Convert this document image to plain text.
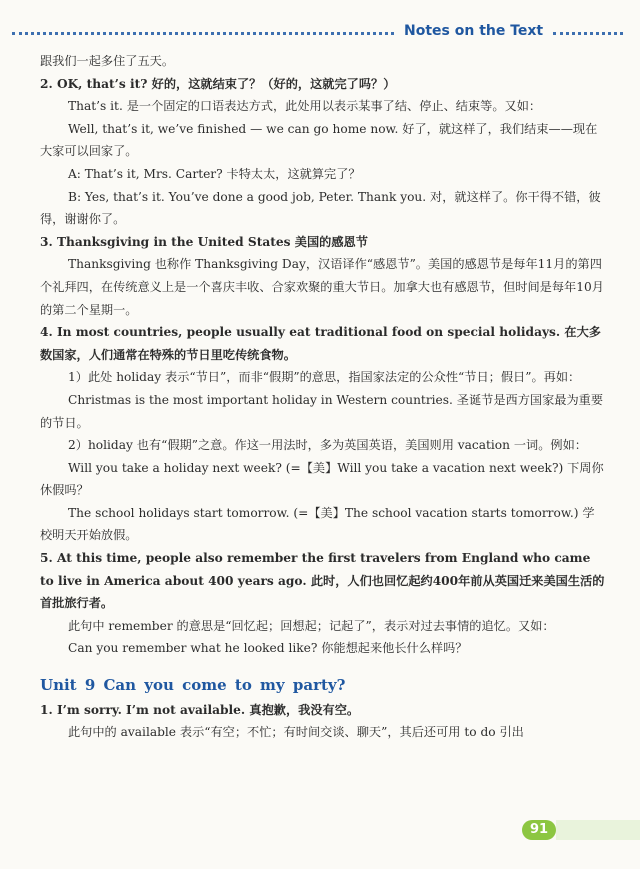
Notes on the Text

跟我们一起多住了五天。

2. OK, that’s it? 好的，这就结束了？（好的，这就完了吗？）

That’s it. 是一个固定的口语表达方式，此处用以表示某事了结、停止、结束等。又如：

Well, that’s it, we’ve finished — we can go home now. 好了，就这样了，我们结束——现在大家可以回家了。

A: That’s it, Mrs. Carter? 卡特太太，这就算完了？

B: Yes, that’s it. You’ve done a good job, Peter. Thank you. 对，就这样了。你干得不错，彼得，谢谢你了。

3. Thanksgiving in the United States 美国的感恩节

Thanksgiving 也称作 Thanksgiving Day，汉语译作“感恩节”。美国的感恩节是每年11月的第四个礼拜四，在传统意义上是一个喜庆丰收、合家欢聚的重大节日。加拿大也有感恩节，但时间是每年10月的第二个星期一。

4. In most countries, people usually eat traditional food on special holidays. 在大多数国家，人们通常在特殊的节日里吃传统食物。

1）此处 holiday 表示“节日”，而非“假期”的意思，指国家法定的公众性“节日；假日”。再如：

Christmas is the most important holiday in Western countries. 圣诞节是西方国家最为重要的节日。

2）holiday 也有“假期”之意。作这一用法时，多为英国英语，美国则用 vacation 一词。例如：

Will you take a holiday next week? (=【美】Will you take a vacation next week?) 下周你休假吗？

The school holidays start tomorrow. (=【美】The school vacation starts tomorrow.) 学校明天开始放假。

5. At this time, people also remember the first travelers from England who came to live in America about 400 years ago. 此时，人们也回忆起约400年前从英国迁来美国生活的首批旅行者。

此句中 remember 的意思是“回忆起；回想起；记起了”，表示对过去事情的追忆。又如：

Can you remember what he looked like? 你能想起来他长什么样吗？

Unit 9 Can you come to my party?

1. I’m sorry. I’m not available. 真抱歉，我没有空。

此句中的 available 表示“有空；不忙；有时间交谈、聊天”，其后还可用 to do 引出

91
